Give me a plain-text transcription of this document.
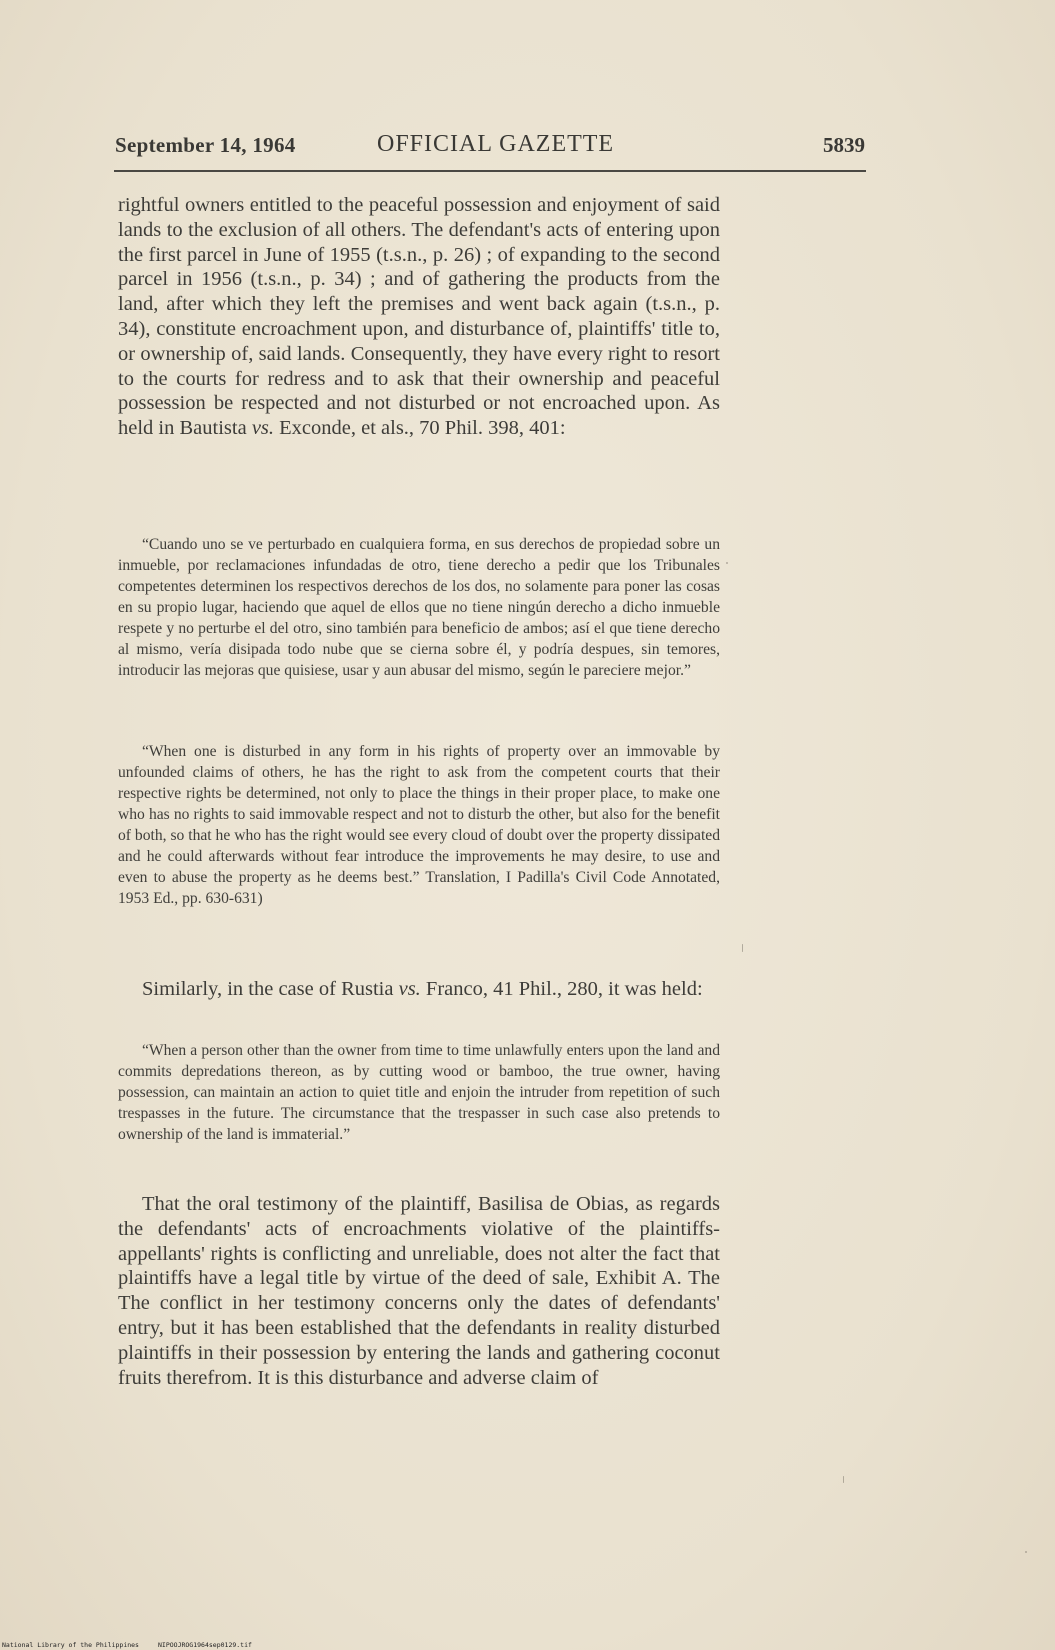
September 14, 1964	OFFICIAL GAZETTE	5839

rightful owners entitled to the peaceful possession and enjoyment of said lands to the exclusion of all others. The defendant's acts of entering upon the first parcel in June of 1955 (t.s.n., p. 26) ; of expanding to the second parcel in 1956 (t.s.n., p. 34) ; and of gathering the products from the land, after which they left the premises and went back again (t.s.n., p. 34), constitute encroachment upon, and disturbance of, plaintiffs' title to, or ownership of, said lands. Consequently, they have every right to resort to the courts for redress and to ask that their ownership and peaceful possession be respected and not disturbed or not encroached upon. As held in Bautista vs. Exconde, et als., 70 Phil. 398, 401:

“Cuando uno se ve perturbado en cualquiera forma, en sus derechos de propiedad sobre un inmueble, por reclamaciones infundadas de otro, tiene derecho a pedir que los Tribunales competentes determinen los respectivos derechos de los dos, no solamente para poner las cosas en su propio lugar, haciendo que aquel de ellos que no tiene ningún derecho a dicho inmueble respete y no perturbe el del otro, sino también para beneficio de ambos; así el que tiene derecho al mismo, vería disipada todo nube que se cierna sobre él, y podría despues, sin temores, introducir las mejoras que quisiese, usar y aun abusar del mismo, según le pareciere mejor.”

“When one is disturbed in any form in his rights of property over an immovable by unfounded claims of others, he has the right to ask from the competent courts that their respective rights be determined, not only to place the things in their proper place, to make one who has no rights to said immovable respect and not to disturb the other, but also for the benefit of both, so that he who has the right would see every cloud of doubt over the property dissipated and he could afterwards without fear introduce the improvements he may desire, to use and even to abuse the property as he deems best.” Translation, I Padilla's Civil Code Annotated, 1953 Ed., pp. 630-631)

Similarly, in the case of Rustia vs. Franco, 41 Phil., 280, it was held:

“When a person other than the owner from time to time unlawfully enters upon the land and commits depredations thereon, as by cutting wood or bamboo, the true owner, having possession, can maintain an action to quiet title and enjoin the intruder from repetition of such trespasses in the future. The circumstance that the trespasser in such case also pretends to ownership of the land is immaterial.”

That the oral testimony of the plaintiff, Basilisa de Obias, as regards the defendants' acts of encroachments violative of the plaintiffs-appellants' rights is conflicting and unreliable, does not alter the fact that plaintiffs have a legal title by virtue of the deed of sale, Exhibit A. The The conflict in her testimony concerns only the dates of defendants' entry, but it has been established that the defendants in reality disturbed plaintiffs in their possession by entering the lands and gathering coconut fruits therefrom. It is this disturbance and adverse claim of

National Library of the Philippines	NIPOOJROG1964sep0129.tif
